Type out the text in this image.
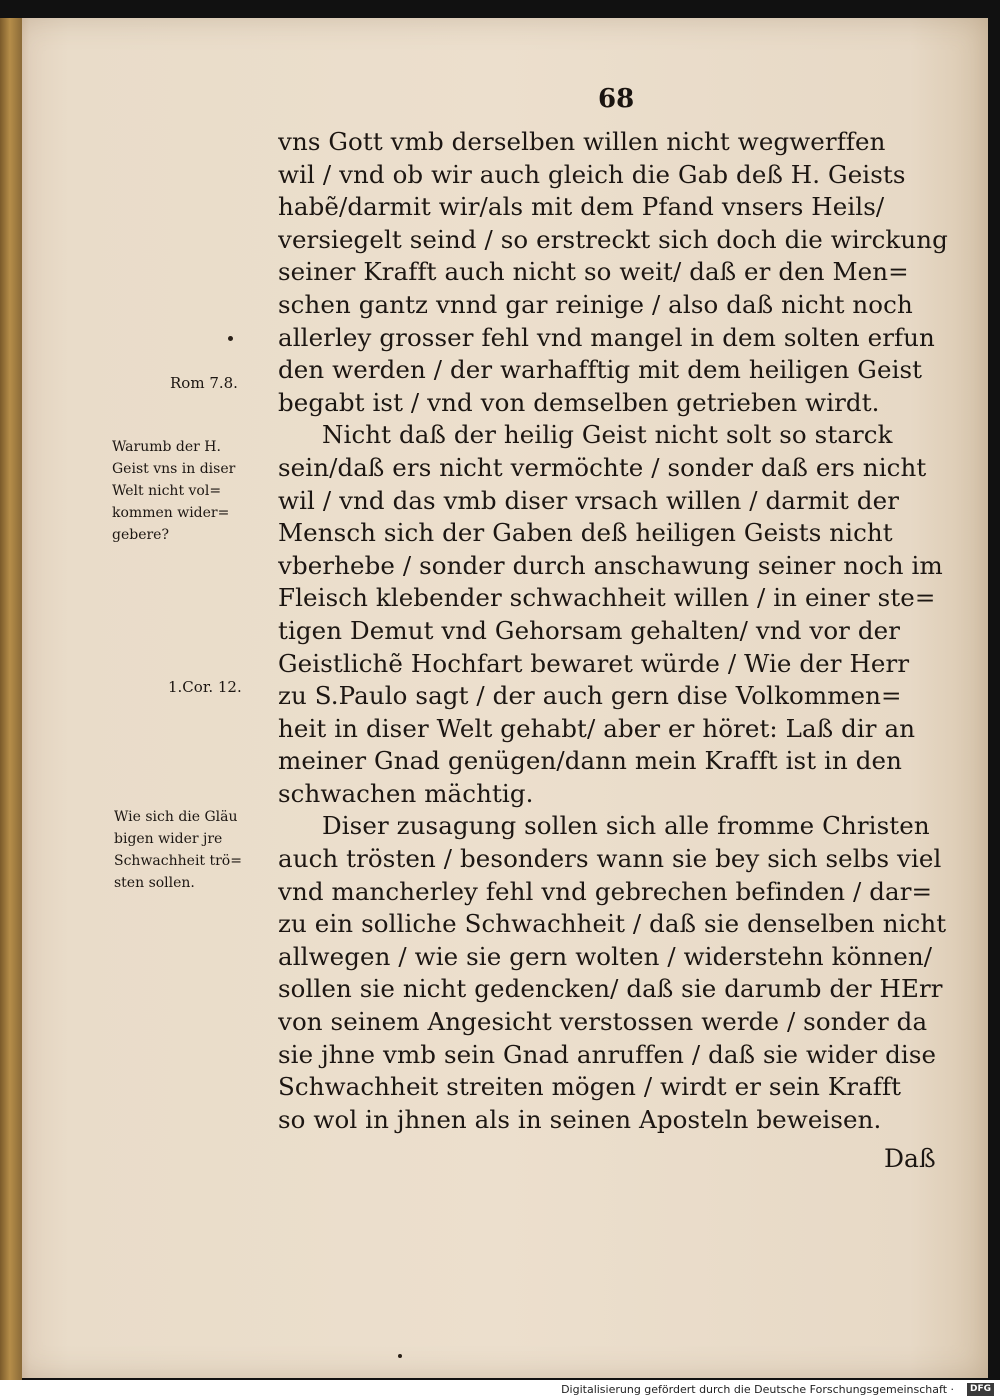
68
vns Gott vmb derselben willen nicht wegwerffen
wil / vnd ob wir auch gleich die Gab deß H. Geists
habẽ/darmit wir/als mit dem Pfand vnsers Heils/
versiegelt seind / so erstreckt sich doch die wirckung
seiner Krafft auch nicht so weit/ daß er den Men=
schen gantz vnnd gar reinige / also daß nicht noch
allerley grosser fehl vnd mangel in dem solten erfun
den werden / der warhafftig mit dem heiligen Geist
begabt ist / vnd von demselben getrieben wirdt.
Nicht daß der heilig Geist nicht solt so starck
sein/daß ers nicht vermöchte / sonder daß ers nicht
wil / vnd das vmb diser vrsach willen / darmit der
Mensch sich der Gaben deß heiligen Geists nicht
vberhebe / sonder durch anschawung seiner noch im
Fleisch klebender schwachheit willen / in einer ste=
tigen Demut vnd Gehorsam gehalten/ vnd vor der
Geistlichẽ Hochfart bewaret würde / Wie der Herr
zu S.Paulo sagt / der auch gern dise Volkommen=
heit in diser Welt gehabt/ aber er höret: Laß dir an
meiner Gnad genügen/dann mein Krafft ist in den
schwachen mächtig.
Diser zusagung sollen sich alle fromme Christen
auch trösten / besonders wann sie bey sich selbs viel
vnd mancherley fehl vnd gebrechen befinden / dar=
zu ein solliche Schwachheit / daß sie denselben nicht
allwegen / wie sie gern wolten / widerstehn können/
sollen sie nicht gedencken/ daß sie darumb der HErr
von seinem Angesicht verstossen werde / sonder da
sie jhne vmb sein Gnad anruffen / daß sie wider dise
Schwachheit streiten mögen / wirdt er sein Krafft
so wol in jhnen als in seinen Aposteln beweisen.
Daß
Rom 7.8.
Warumb der H.
Geist vns in diser
Welt nicht vol=
kommen wider=
gebere?
1.Cor. 12.
Wie sich die Gläu
bigen wider jre
Schwachheit trö=
sten sollen.
Digitalisierung gefördert durch die Deutsche Forschungsgemeinschaft ·	DFG
